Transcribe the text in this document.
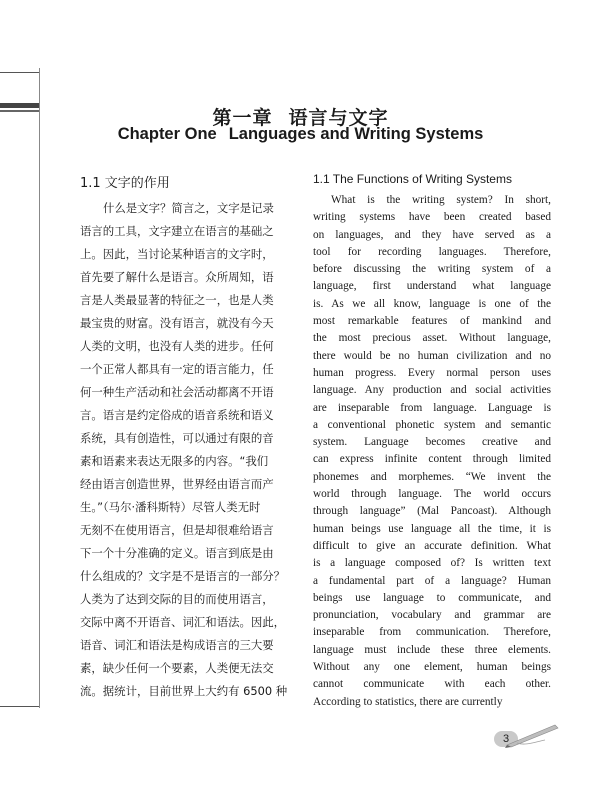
第一章 语言与文字
Chapter One Languages and Writing Systems
1.1 文字的作用
什么是文字？简言之，文字是记录
语言的工具，文字建立在语言的基础之
上。因此，当讨论某种语言的文字时，
首先要了解什么是语言。众所周知，语
言是人类最显著的特征之一，也是人类
最宝贵的财富。没有语言，就没有今天
人类的文明，也没有人类的进步。任何
一个正常人都具有一定的语言能力，任
何一种生产活动和社会活动都离不开语
言。语言是约定俗成的语音系统和语义
系统，具有创造性，可以通过有限的音
素和语素来表达无限多的内容。“我们
经由语言创造世界，世界经由语言而产
生。”（马尔·潘科斯特）尽管人类无时
无刻不在使用语言，但是却很难给语言
下一个十分准确的定义。语言到底是由
什么组成的？文字是不是语言的一部分？
人类为了达到交际的目的而使用语言，
交际中离不开语音、词汇和语法。因此，
语音、词汇和语法是构成语言的三大要
素，缺少任何一个要素，人类便无法交
流。据统计，目前世界上大约有 6500 种
1.1 The Functions of Writing Systems
What is the writing system? In short,
writing systems have been created based
on languages, and they have served as a
tool for recording languages. Therefore,
before discussing the writing system of a
language, first understand what language
is. As we all know, language is one of the
most remarkable features of mankind and
the most precious asset. Without language,
there would be no human civilization and no
human progress. Every normal person uses
language. Any production and social activities
are inseparable from language. Language is
a conventional phonetic system and semantic
system. Language becomes creative and
can express infinite content through limited
phonemes and morphemes. “We invent the
world through language. The world occurs
through language” (Mal Pancoast). Although
human beings use language all the time, it is
difficult to give an accurate definition. What
is a language composed of? Is written text
a fundamental part of a language? Human
beings use language to communicate, and
pronunciation, vocabulary and grammar are
inseparable from communication. Therefore,
language must include these three elements.
Without any one element, human beings
cannot communicate with each other.
According to statistics, there are currently
3
